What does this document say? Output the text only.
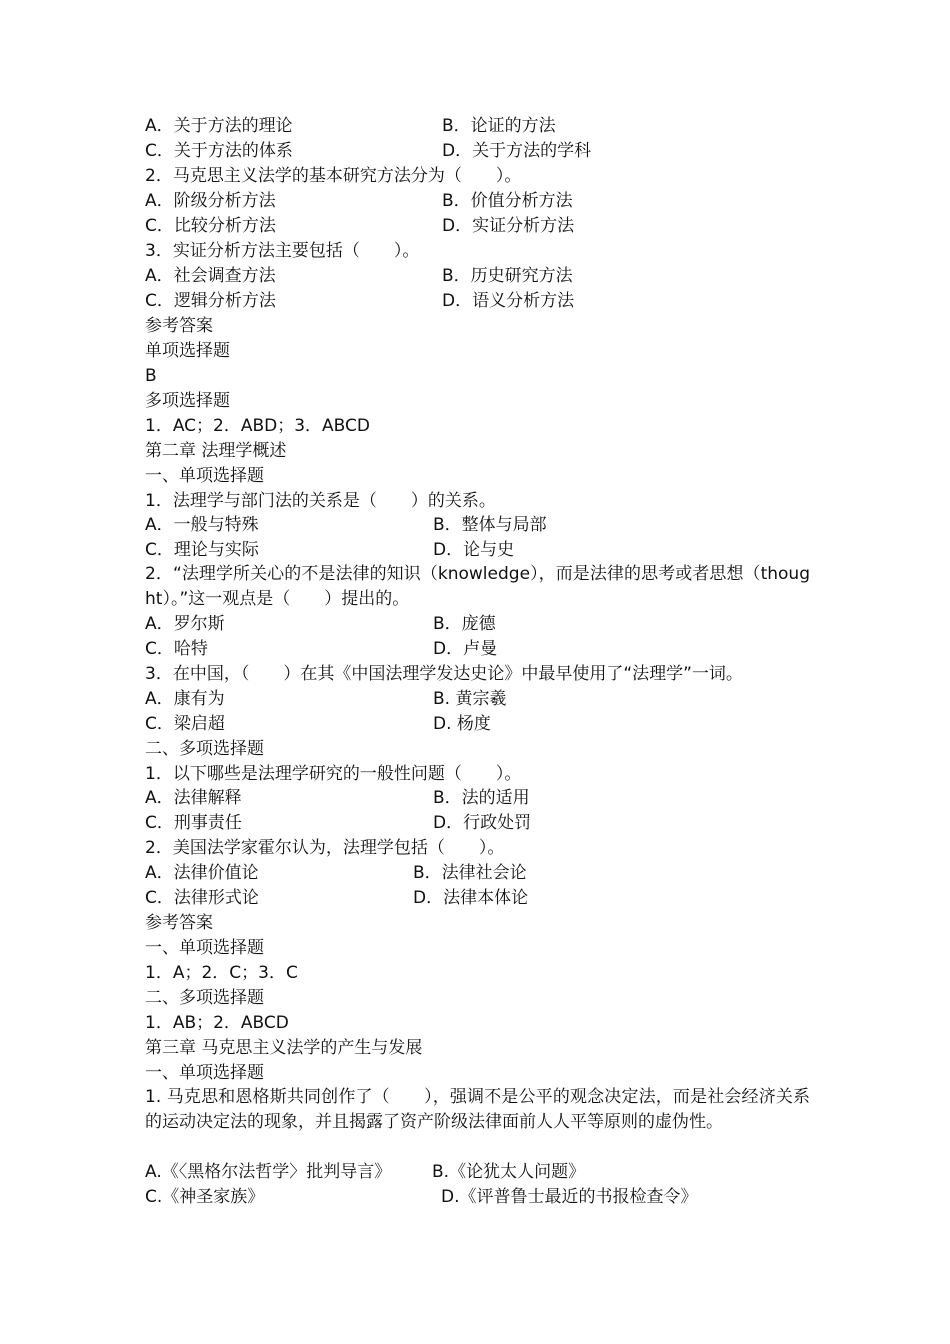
A．关于方法的理论	B．论证的方法
C．关于方法的体系	D．关于方法的学科
2．马克思主义法学的基本研究方法分为（　　）。
A．阶级分析方法	B．价值分析方法
C．比较分析方法	D．实证分析方法
3．实证分析方法主要包括（　　）。
A．社会调查方法	B．历史研究方法
C．逻辑分析方法	D．语义分析方法
参考答案
单项选择题
B
多项选择题
1．AC；2．ABD；3．ABCD
第二章 法理学概述
一、单项选择题
1．法理学与部门法的关系是（　　）的关系。
A．一般与特殊	B．整体与局部
C．理论与实际	D．论与史
2．“法理学所关心的不是法律的知识（knowledge），而是法律的思考或者思想（thought）。”这一观点是（　　）提出的。
A．罗尔斯	B．庞德
C．哈特	D．卢曼
3．在中国，（　　）在其《中国法理学发达史论》中最早使用了“法理学”一词。
A．康有为	B. 黄宗羲
C．梁启超	D. 杨度
二、多项选择题
1．以下哪些是法理学研究的一般性问题（　　）。
A．法律解释	B．法的适用
C．刑事责任	D．行政处罚
2．美国法学家霍尔认为，法理学包括（　　）。
A．法律价值论	B．法律社会论
C．法律形式论	D．法律本体论
参考答案
一、单项选择题
1．A；2．C；3．C
二、多项选择题
1．AB；2．ABCD
第三章 马克思主义法学的产生与发展
一、单项选择题
1. 马克思和恩格斯共同创作了（　　），强调不是公平的观念决定法，而是社会经济关系的运动决定法的现象，并且揭露了资产阶级法律面前人人平等原则的虚伪性。
A.《〈黑格尔法哲学〉批判导言》 B.《论犹太人问题》
C.《神圣家族》	D.《评普鲁士最近的书报检查令》
